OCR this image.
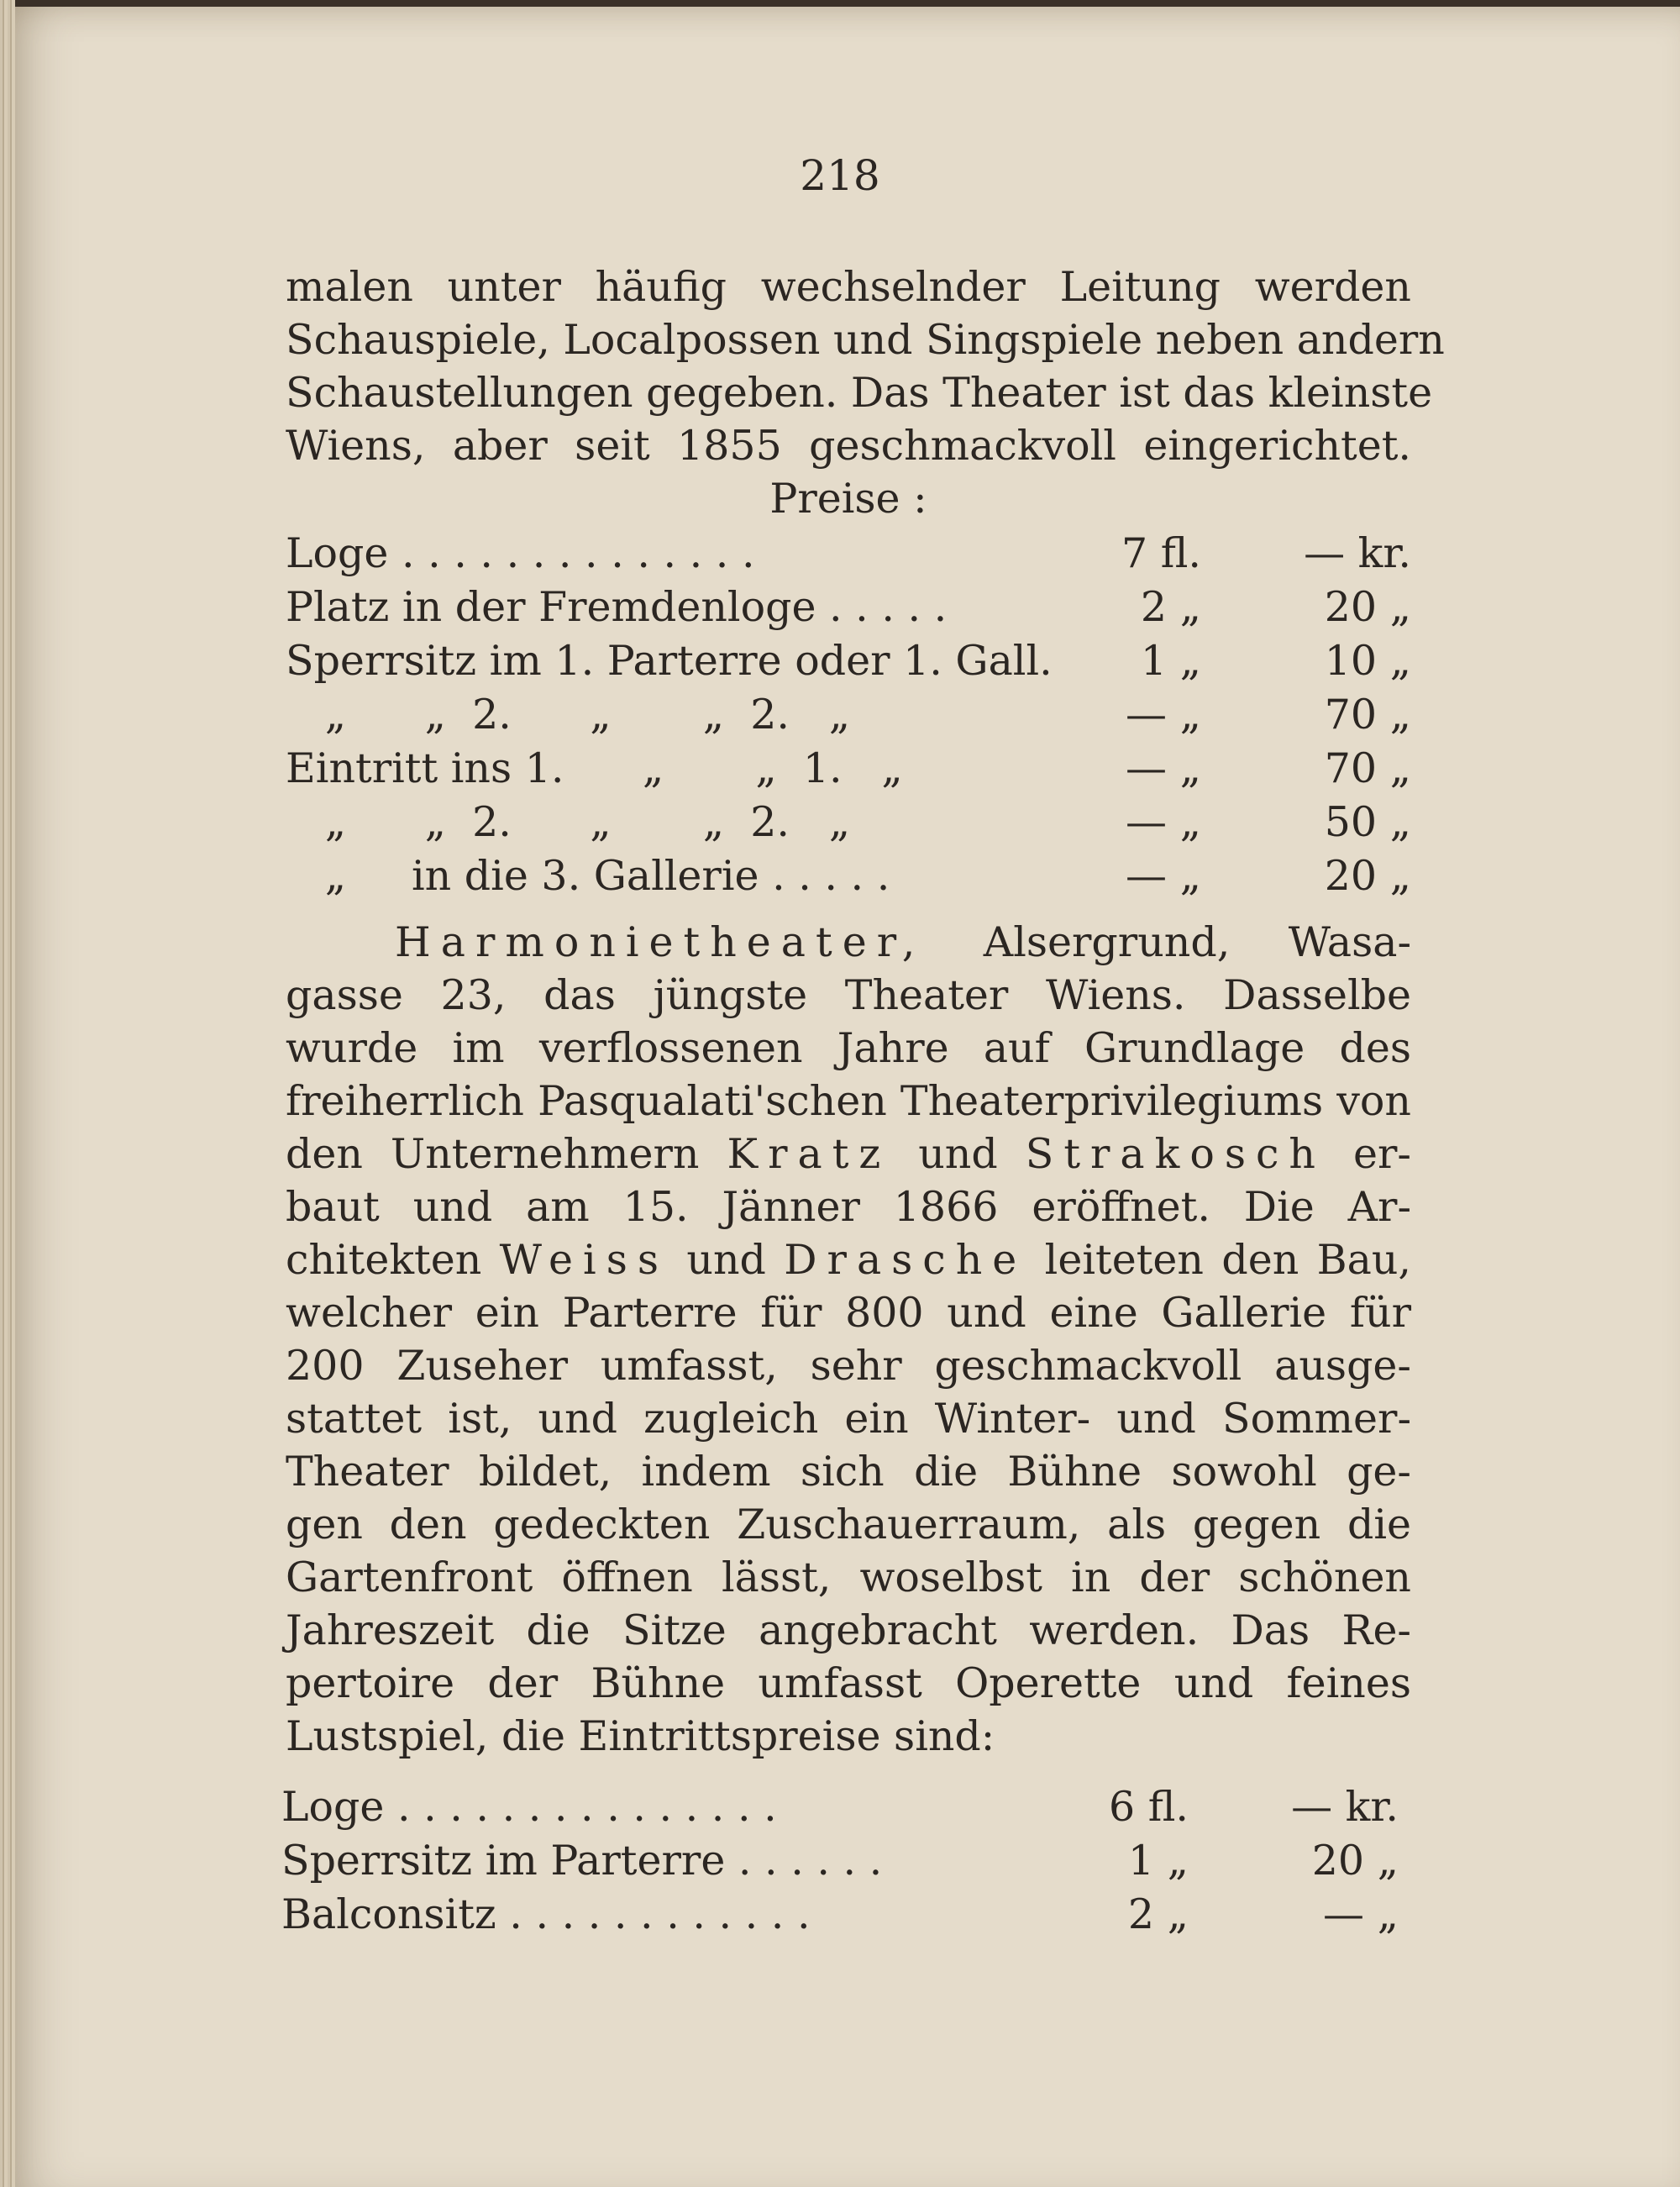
218
malen unter häufig wechselnder Leitung werden
Schauspiele, Localpossen und Singspiele neben andern
Schaustellungen gegeben. Das Theater ist das kleinste
Wiens, aber seit 1855 geschmackvoll eingerichtet.
Preise :
Loge . . . . . . . . . . . . . .	7 fl. — kr.
Platz in der Fremdenloge . . . . .	2 „	20 „
Sperrsitz im 1. Parterre oder 1. Gall. 1 „	10 „
„      „  2.      „       „  2.   „	— „	70 „
Eintritt ins 1.      „       „  1.   „	— „	70 „
„      „  2.      „       „  2.   „	— „	50 „
„     in die 3. Gallerie . . . . .	— „	20 „
Harmonietheater, Alsergrund, Wasa-
gasse 23, das jüngste Theater Wiens. Dasselbe
wurde im verflossenen Jahre auf Grundlage des
freiherrlich Pasqualati'schen Theaterprivilegiums von
den Unternehmern Kratz und Strakosch er-
baut und am 15. Jänner 1866 eröffnet. Die Ar-
chitekten Weiss und Drasche leiteten den Bau,
welcher ein Parterre für 800 und eine Gallerie für
200 Zuseher umfasst, sehr geschmackvoll ausge-
stattet ist, und zugleich ein Winter- und Sommer-
Theater bildet, indem sich die Bühne sowohl ge-
gen den gedeckten Zuschauerraum, als gegen die
Gartenfront öffnen lässt, woselbst in der schönen
Jahreszeit die Sitze angebracht werden. Das Re-
pertoire der Bühne umfasst Operette und feines
Lustspiel, die Eintrittspreise sind:
Loge . . . . . . . . . . . . . . .	6 fl. — kr.
Sperrsitz im Parterre . . . . . .	1 „	20 „
Balconsitz . . . . . . . . . . . .	2 „	— „
